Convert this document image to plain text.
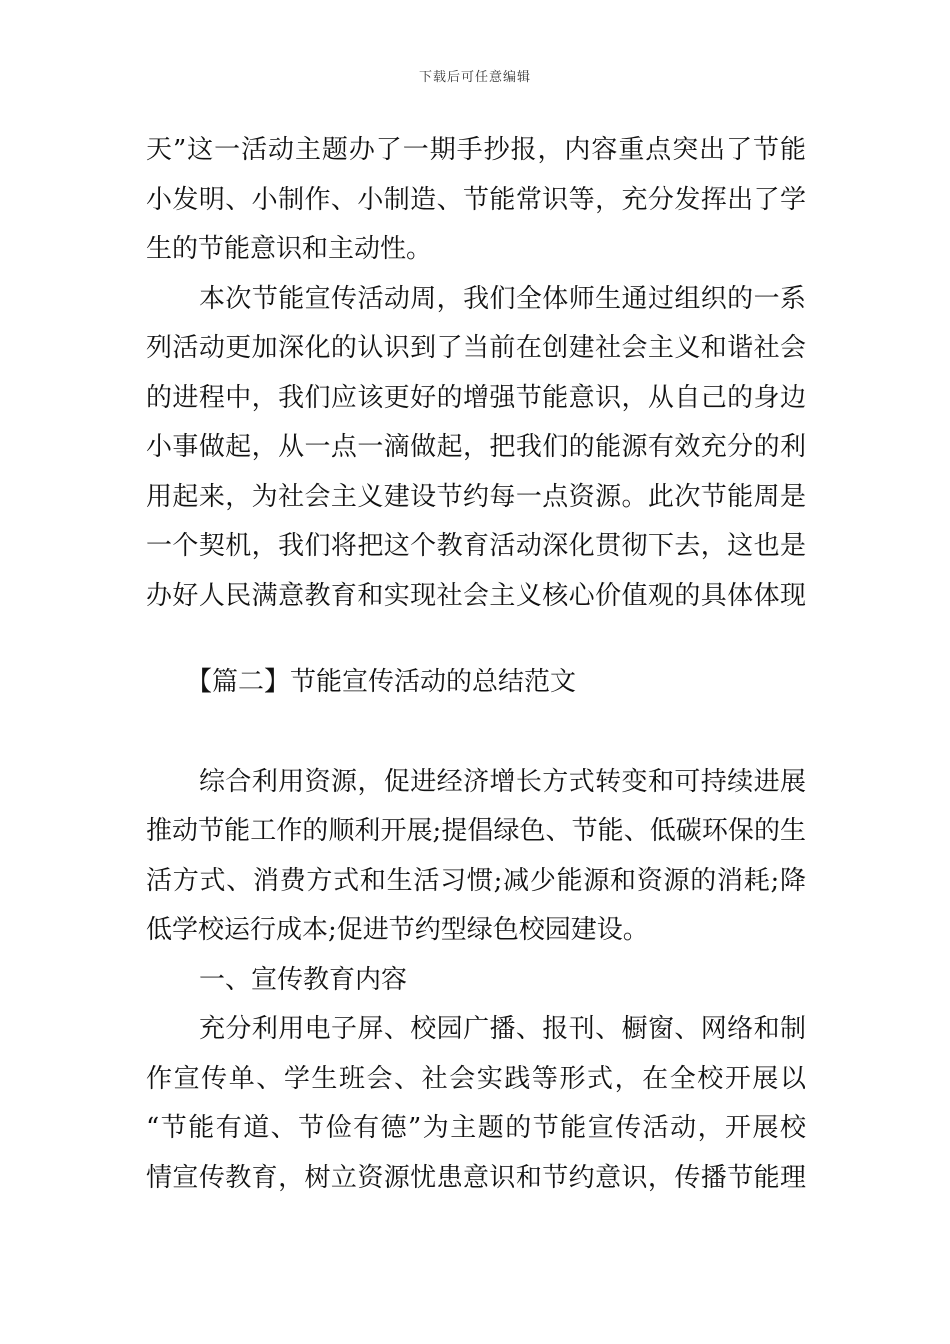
下载后可任意编辑
天”这一活动主题办了一期手抄报，内容重点突出了节能
小发明、小制作、小制造、节能常识等，充分发挥出了学
生的节能意识和主动性。
本次节能宣传活动周，我们全体师生通过组织的一系
列活动更加深化的认识到了当前在创建社会主义和谐社会
的进程中，我们应该更好的增强节能意识，从自己的身边
小事做起，从一点一滴做起，把我们的能源有效充分的利
用起来，为社会主义建设节约每一点资源。此次节能周是
一个契机，我们将把这个教育活动深化贯彻下去，这也是
办好人民满意教育和实现社会主义核心价值观的具体体现
【篇二】节能宣传活动的总结范文
综合利用资源，促进经济增长方式转变和可持续进展
推动节能工作的顺利开展;提倡绿色、节能、低碳环保的生
活方式、消费方式和生活习惯;减少能源和资源的消耗;降
低学校运行成本;促进节约型绿色校园建设。
一、宣传教育内容
充分利用电子屏、校园广播、报刊、橱窗、网络和制
作宣传单、学生班会、社会实践等形式，在全校开展以
“节能有道、节俭有德”为主题的节能宣传活动，开展校
情宣传教育，树立资源忧患意识和节约意识，传播节能理
